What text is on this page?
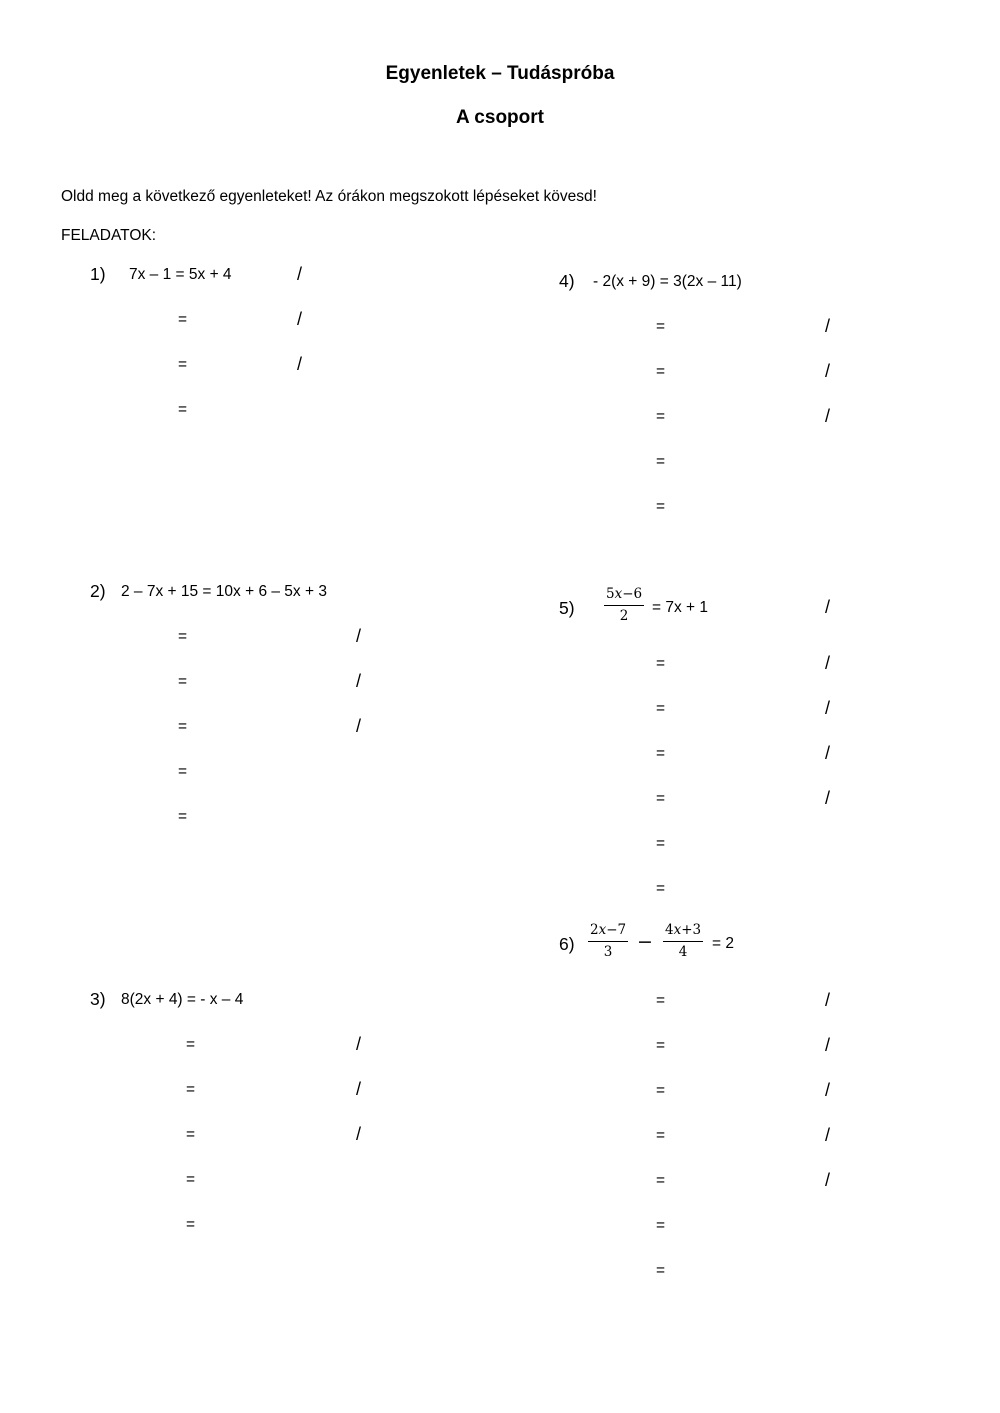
Egyenletek – Tudáspróba
A csoport
Oldd meg a következő egyenleteket! Az órákon megszokott lépéseket kövesd!
FELADATOK:
1) 7x – 1 = 5x + 4	/
=	/
=	/
=
2) 2 – 7x + 15 = 10x + 6 – 5x + 3
=	/
=	/
=	/
=
=
3) 8(2x + 4) = - x – 4
=	/
=	/
=	/
=
=
4) - 2(x + 9) = 3(2x – 11)
=	/
=	/
=	/
=
=
$5) \frac{5x-6}{2} = 7x + 1$	/
=	/
=	/
=	/
=	/
=
=
$6) \frac{2x-7}{3} - \frac{4x+3}{4} = 2$
=	/
=	/
=	/
=	/
=	/
=
=
